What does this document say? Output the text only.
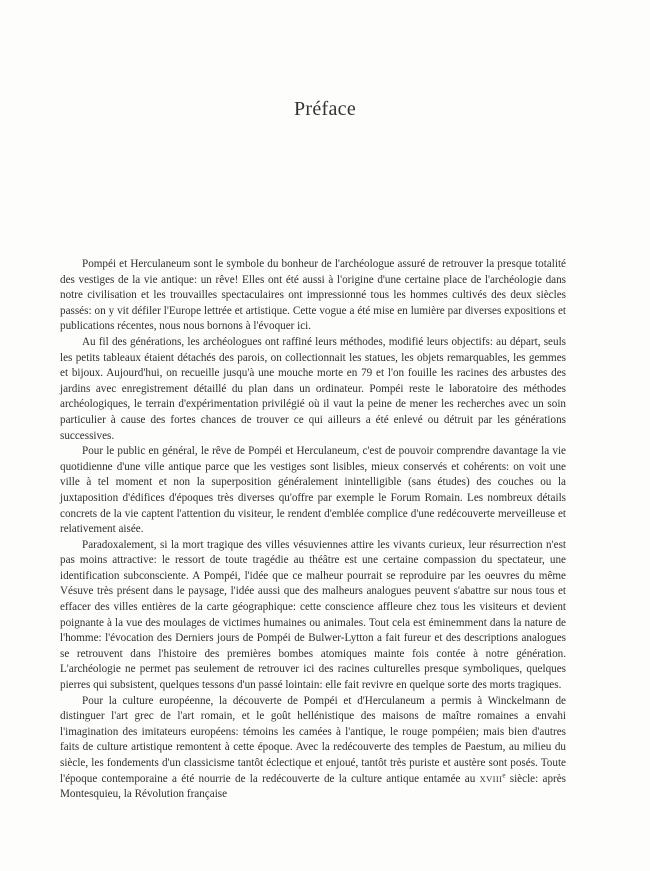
Préface

Pompéi et Herculaneum sont le symbole du bonheur de l'archéologue assuré de retrouver la presque totalité des vestiges de la vie antique: un rêve! Elles ont été aussi à l'origine d'une certaine place de l'archéologie dans notre civilisation et les trouvailles spectaculaires ont impressionné tous les hommes cultivés des deux siècles passés: on y vit défiler l'Europe lettrée et artistique. Cette vogue a été mise en lumière par diverses expositions et publications récentes, nous nous bornons à l'évoquer ici.

Au fil des générations, les archéologues ont raffiné leurs méthodes, modifié leurs objectifs: au départ, seuls les petits tableaux étaient détachés des parois, on collectionnait les statues, les objets remarquables, les gemmes et bijoux. Aujourd'hui, on recueille jusqu'à une mouche morte en 79 et l'on fouille les racines des arbustes des jardins avec enregistrement détaillé du plan dans un ordinateur. Pompéi reste le laboratoire des méthodes archéologiques, le terrain d'expérimentation privilégié où il vaut la peine de mener les recherches avec un soin particulier à cause des fortes chances de trouver ce qui ailleurs a été enlevé ou détruit par les générations successives.

Pour le public en général, le rêve de Pompéi et Herculaneum, c'est de pouvoir comprendre davantage la vie quotidienne d'une ville antique parce que les vestiges sont lisibles, mieux conservés et cohérents: on voit une ville à tel moment et non la superposition généralement inintelligible (sans études) des couches ou la juxtaposition d'édifices d'époques très diverses qu'offre par exemple le Forum Romain. Les nombreux détails concrets de la vie captent l'attention du visiteur, le rendent d'emblée complice d'une redécouverte merveilleuse et relativement aisée.

Paradoxalement, si la mort tragique des villes vésuviennes attire les vivants curieux, leur résurrection n'est pas moins attractive: le ressort de toute tragédie au théâtre est une certaine compassion du spectateur, une identification subconsciente. A Pompéi, l'idée que ce malheur pourrait se reproduire par les oeuvres du même Vésuve très présent dans le paysage, l'idée aussi que des malheurs analogues peuvent s'abattre sur nous tous et effacer des villes entières de la carte géographique: cette conscience affleure chez tous les visiteurs et devient poignante à la vue des moulages de victimes humaines ou animales. Tout cela est éminemment dans la nature de l'homme: l'évocation des Derniers jours de Pompéi de Bulwer-Lytton a fait fureur et des descriptions analogues se retrouvent dans l'histoire des premières bombes atomiques mainte fois contée à notre génération. L'archéologie ne permet pas seulement de retrouver ici des racines culturelles presque symboliques, quelques pierres qui subsistent, quelques tessons d'un passé lointain: elle fait revivre en quelque sorte des morts tragiques.

Pour la culture européenne, la découverte de Pompéi et d'Herculaneum a permis à Winckelmann de distinguer l'art grec de l'art romain, et le goût hellénistique des maisons de maître romaines a envahi l'imagination des imitateurs européens: témoins les camées à l'antique, le rouge pompéien; mais bien d'autres faits de culture artistique remontent à cette époque. Avec la redécouverte des temples de Paestum, au milieu du siècle, les fondements d'un classicisme tantôt éclectique et enjoué, tantôt très puriste et austère sont posés. Toute l'époque contemporaine a été nourrie de la redécouverte de la culture antique entamée au XVIIIe siècle: après Montesquieu, la Révolution française
